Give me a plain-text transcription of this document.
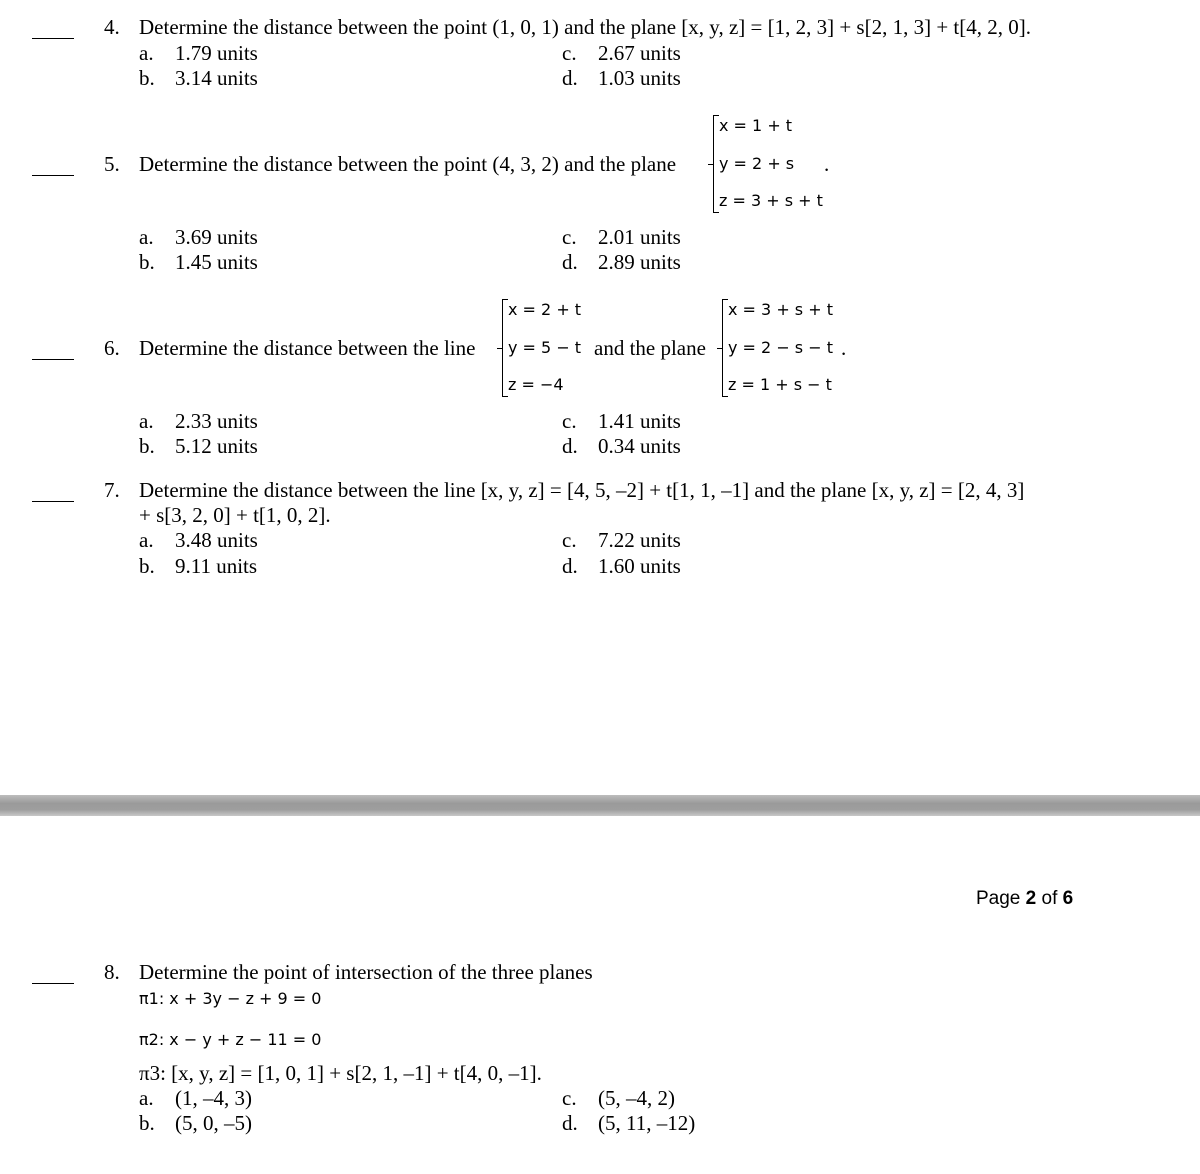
4. Determine the distance between the point (1, 0, 1) and the plane [x, y, z] = [1, 2, 3] + s[2, 1, 3] + t[4, 2, 0].
a. 1.79 units
b. 3.14 units
c. 2.67 units
d. 1.03 units
5. Determine the distance between the point (4, 3, 2) and the plane
x = 1 + t
y = 2 + s
z = 3 + s + t
.
a. 3.69 units
b. 1.45 units
c. 2.01 units
d. 2.89 units
6. Determine the distance between the line
x = 2 + t
y = 5 − t
z = −4
and the plane
x = 3 + s + t
y = 2 − s − t
z = 1 + s − t
.
a. 2.33 units
b. 5.12 units
c. 1.41 units
d. 0.34 units
7. Determine the distance between the line [x, y, z] = [4, 5, –2] + t[1, 1, –1] and the plane [x, y, z] = [2, 4, 3]
+ s[3, 2, 0] + t[1, 0, 2].
a. 3.48 units
b. 9.11 units
c. 7.22 units
d. 1.60 units
Page 2 of 6
8. Determine the point of intersection of the three planes
π1: x + 3y − z + 9 = 0
π2: x − y + z − 11 = 0
π3: [x, y, z] = [1, 0, 1] + s[2, 1, –1] + t[4, 0, –1].
a. (1, –4, 3)
b. (5, 0, –5)
c. (5, –4, 2)
d. (5, 11, –12)
